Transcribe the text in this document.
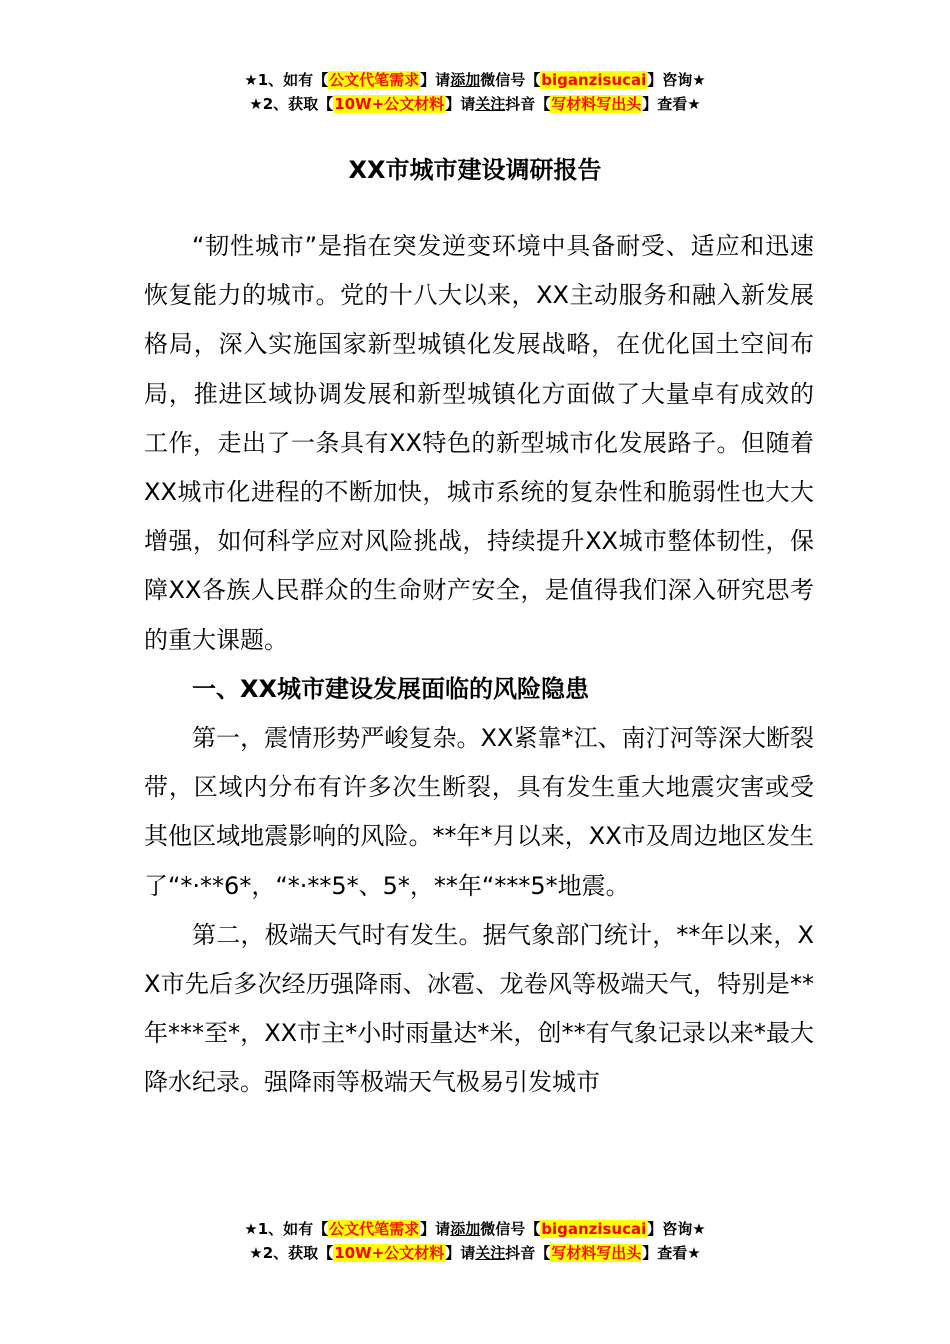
★1、如有【公文代笔需求】请添加微信号【biganzisucai】咨询★
★2、获取【10W+公文材料】请关注抖音【写材料写出头】查看★
XX市城市建设调研报告

“韧性城市”是指在突发逆变环境中具备耐受、适应和迅速恢复能力的城市。党的十八大以来，XX主动服务和融入新发展格局，深入实施国家新型城镇化发展战略，在优化国土空间布局，推进区域协调发展和新型城镇化方面做了大量卓有成效的工作，走出了一条具有XX特色的新型城市化发展路子。但随着XX城市化进程的不断加快，城市系统的复杂性和脆弱性也大大增强，如何科学应对风险挑战，持续提升XX城市整体韧性，保障XX各族人民群众的生命财产安全，是值得我们深入研究思考的重大课题。

一、XX城市建设发展面临的风险隐患

第一，震情形势严峻复杂。XX紧靠*江、南汀河等深大断裂带，区域内分布有许多次生断裂，具有发生重大地震灾害或受其他区域地震影响的风险。**年*月以来，XX市及周边地区发生了“*·**6*，“*·**5*、5*，**年“***5*地震。

第二，极端天气时有发生。据气象部门统计，**年以来，XX市先后多次经历强降雨、冰雹、龙卷风等极端天气，特别是**年***至*，XX市主*小时雨量达*米，创**有气象记录以来*最大降水纪录。强降雨等极端天气极易引发城市

★1、如有【公文代笔需求】请添加微信号【biganzisucai】咨询★
★2、获取【10W+公文材料】请关注抖音【写材料写出头】查看★
